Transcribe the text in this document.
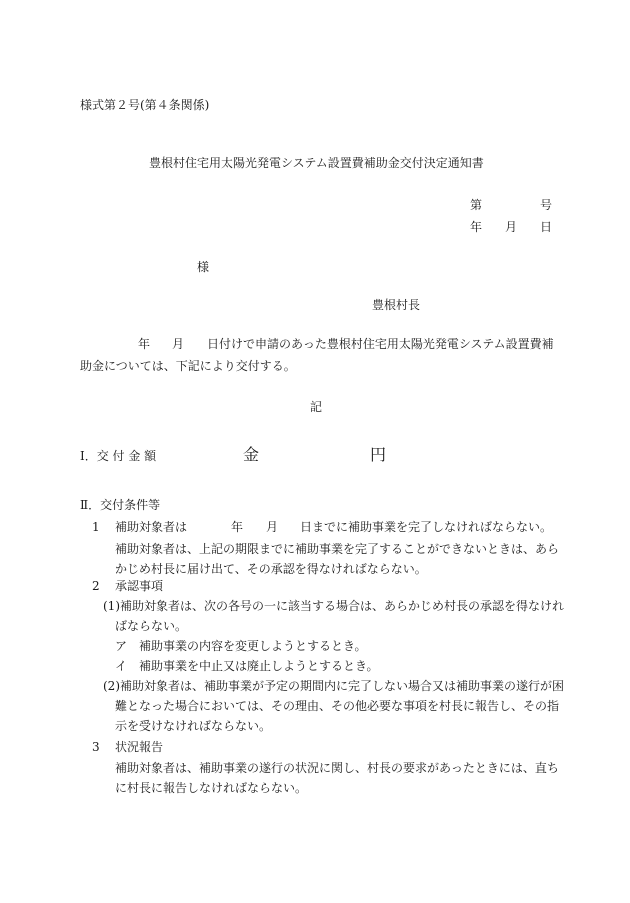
様式第２号(第４条関係)
豊根村住宅用太陽光発電システム設置費補助金交付決定通知書
第	号
年 月 日
様
豊根村長
年 月 日付けで申請のあった豊根村住宅用太陽光発電システム設置費補
助金については、下記により交付する。
記
Ⅰ．交 付 金 額	金	円
Ⅱ．交付条件等
1 補助対象者は	年 月 日までに補助事業を完了しなければならない。
補助対象者は、上記の期限までに補助事業を完了することができないときは、あら
かじめ村長に届け出て、その承認を得なければならない。
2 承認事項
(1)補助対象者は、次の各号の一に該当する場合は、あらかじめ村長の承認を得なけれ
ばならない。
ア　補助事業の内容を変更しようとするとき。
イ　補助事業を中止又は廃止しようとするとき。
(2)補助対象者は、補助事業が予定の期間内に完了しない場合又は補助事業の遂行が困
難となった場合においては、その理由、その他必要な事項を村長に報告し、その指
示を受けなければならない。
3 状況報告
補助対象者は、補助事業の遂行の状況に関し、村長の要求があったときには、直ち
に村長に報告しなければならない。
